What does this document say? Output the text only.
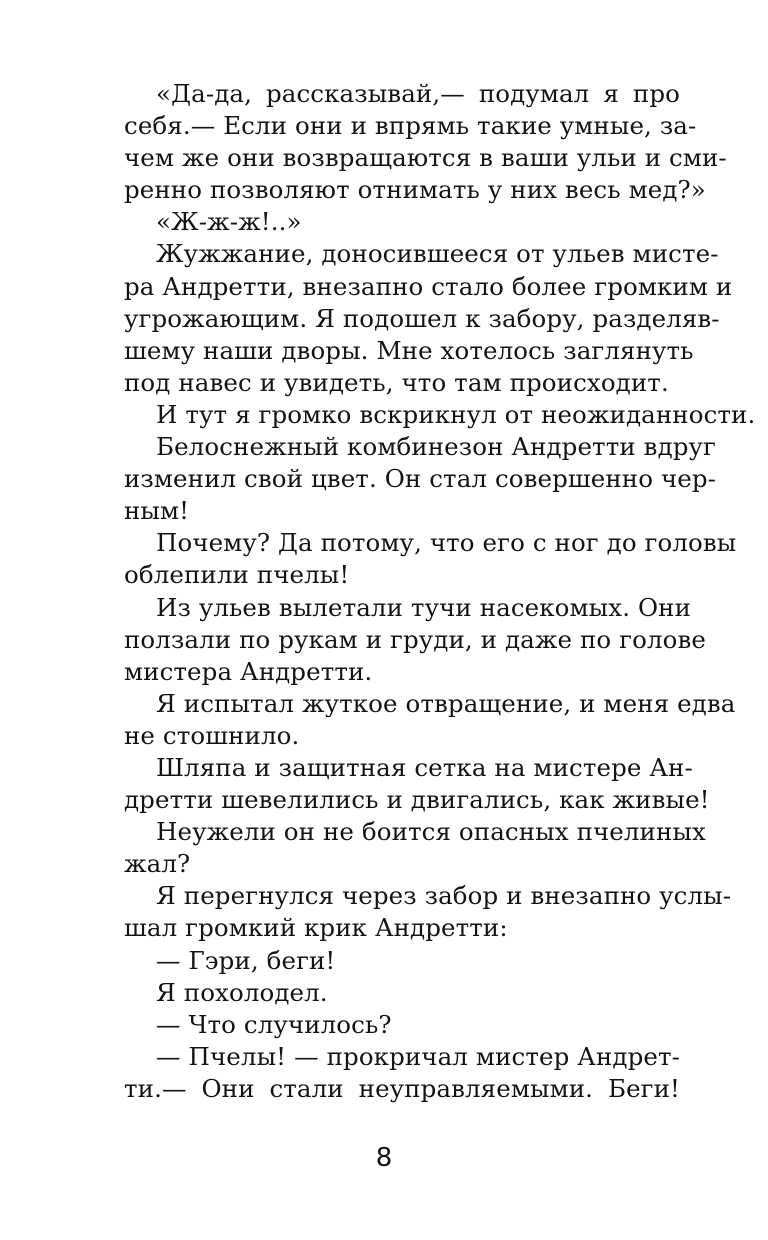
«Да-да, рассказывай,— подумал я про
себя.— Если они и впрямь такие умные, за-
чем же они возвращаются в ваши ульи и сми-
ренно позволяют отнимать у них весь мед?»
«Ж-ж-ж!..»
Жужжание, доносившееся от ульев мисте-
ра Андретти, внезапно стало более громким и
угрожающим. Я подошел к забору, разделяв-
шему наши дворы. Мне хотелось заглянуть
под навес и увидеть, что там происходит.
И тут я громко вскрикнул от неожиданности.
Белоснежный комбинезон Андретти вдруг
изменил свой цвет. Он стал совершенно чер-
ным!
Почему? Да потому, что его с ног до головы
облепили пчелы!
Из ульев вылетали тучи насекомых. Они
ползали по рукам и груди, и даже по голове
мистера Андретти.
Я испытал жуткое отвращение, и меня едва
не стошнило.
Шляпа и защитная сетка на мистере Ан-
дретти шевелились и двигались, как живые!
Неужели он не боится опасных пчелиных
жал?
Я перегнулся через забор и внезапно услы-
шал громкий крик Андретти:
— Гэри, беги!
Я похолодел.
— Что случилось?
— Пчелы! — прокричал мистер Андрет-
ти.— Они стали неуправляемыми. Беги!
8
